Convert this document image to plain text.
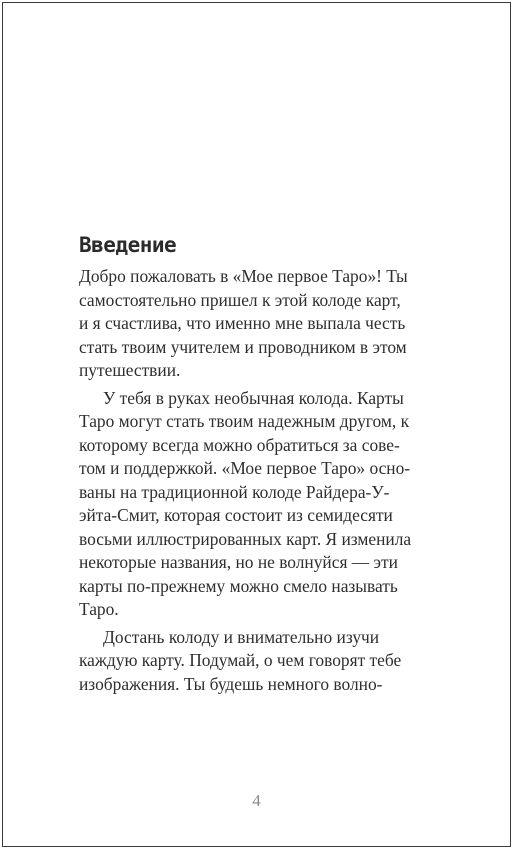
Введение

Добро пожаловать в «Мое первое Таро»! Ты
самостоятельно пришел к этой колоде карт,
и я счастлива, что именно мне выпала честь
стать твоим учителем и проводником в этом
путешествии.

У тебя в руках необычная колода. Карты
Таро могут стать твоим надежным другом, к
которому всегда можно обратиться за сове-
том и поддержкой. «Мое первое Таро» осно-
ваны на традиционной колоде Райдера-У-
эйта-Смит, которая состоит из семидесяти
восьми иллюстрированных карт. Я изменила
некоторые названия, но не волнуйся — эти
карты по-прежнему можно смело называть
Таро.

Достань колоду и внимательно изучи
каждую карту. Подумай, о чем говорят тебе
изображения. Ты будешь немного волно-

4
